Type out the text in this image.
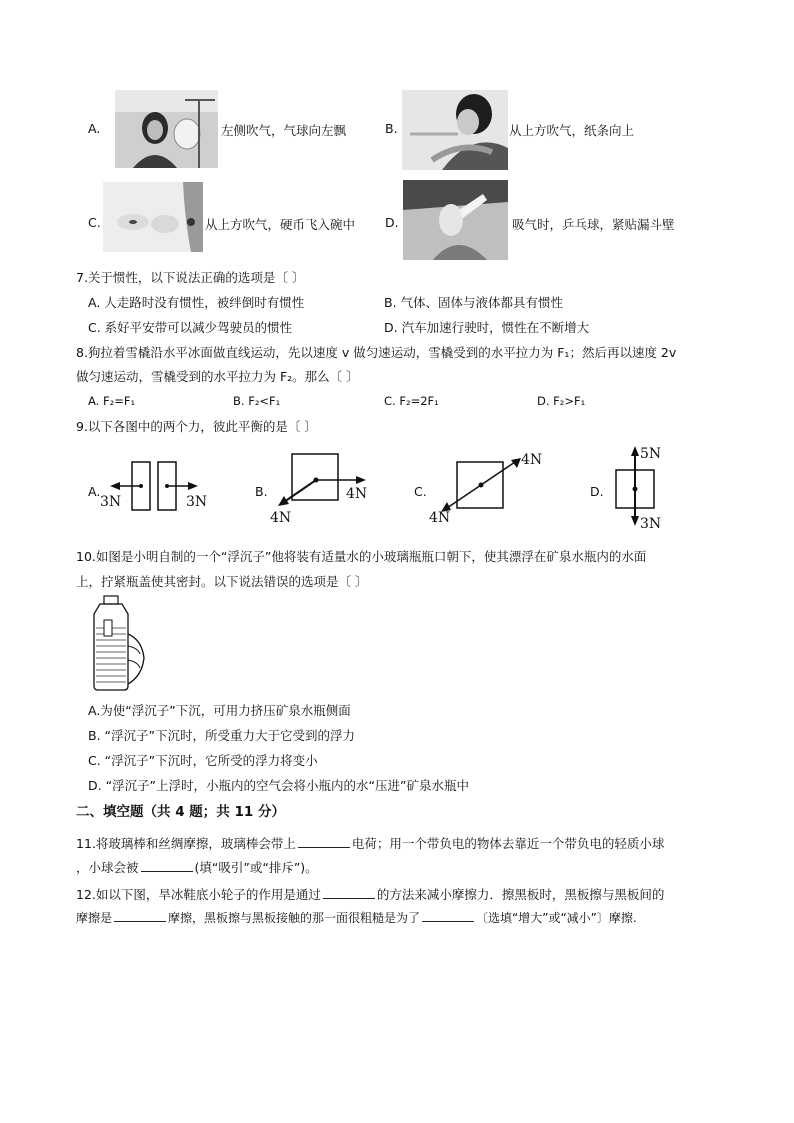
A.	左侧吹气，气球向左飘	B.	从上方吹气，纸条向上
C.	从上方吹气，硬币飞入碗中 D.	吸气时，乒乓球，紧贴漏斗壁
7.关于惯性，以下说法正确的选项是〔 〕
A. 人走路时没有惯性，被绊倒时有惯性	B. 气体、固体与液体都具有惯性
C. 系好平安带可以减少驾驶员的惯性	D. 汽车加速行驶时，惯性在不断增大
8.狗拉着雪橇沿水平冰面做直线运动，先以速度 v 做匀速运动，雪橇受到的水平拉力为 F₁；然后再以速度 2v
做匀速运动，雪橇受到的水平拉力为 F₂。那么〔 〕
A. F₂=F₁	B. F₂<F₁	C. F₂=2F₁	D. F₂>F₁
9.以下各图中的两个力，彼此平衡的是〔 〕
A.
3N	3N
B.	4N
4N
C.
4N
4N
D.
5N
3N
10.如图是小明自制的一个“浮沉子”他将装有适量水的小玻璃瓶瓶口朝下，使其漂浮在矿泉水瓶内的水面
上，拧紧瓶盖使其密封。以下说法错误的选项是〔 〕
A.为使“浮沉子”下沉，可用力挤压矿泉水瓶侧面
B. “浮沉子”下沉时，所受重力大于它受到的浮力
C. “浮沉子”下沉时，它所受的浮力将变小
D. “浮沉子”上浮时，小瓶内的空气会将小瓶内的水“压进”矿泉水瓶中
二、填空题（共 4 题；共 11 分）
11.将玻璃棒和丝绸摩擦，玻璃棒会带上	电荷；用一个带负电的物体去靠近一个带负电的轻质小球
，小球会被	(填“吸引”或“排斥”)。
12.如以下图，旱冰鞋底小轮子的作用是通过	的方法来减小摩擦力．擦黑板时，黑板擦与黑板间的
摩擦是	摩擦，黑板擦与黑板接触的那一面很粗糙是为了	〔选填“增大”或“减小”〕摩擦.
